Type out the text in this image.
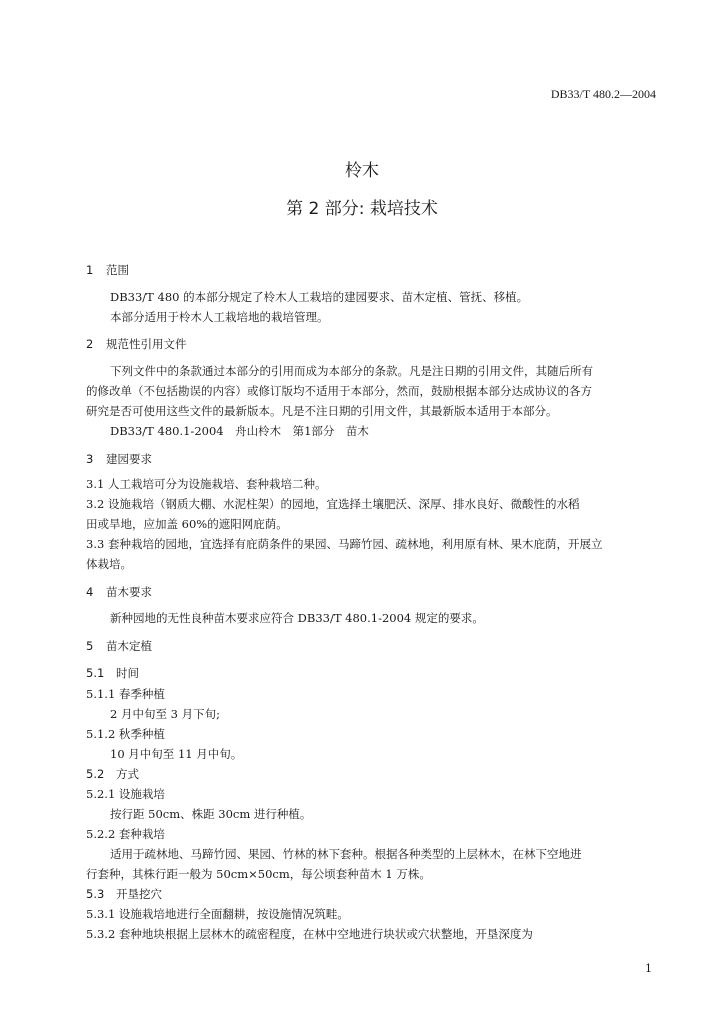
DB33/T 480.2—2004
柃木
第 2 部分: 栽培技术
1 范围
DB33/T 480 的本部分规定了柃木人工栽培的建园要求、苗木定植、管抚、移植。
本部分适用于柃木人工栽培地的栽培管理。
2 规范性引用文件
下列文件中的条款通过本部分的引用而成为本部分的条款。凡是注日期的引用文件，其随后所有
的修改单（不包括勘误的内容）或修订版均不适用于本部分，然而，鼓励根据本部分达成协议的各方
研究是否可使用这些文件的最新版本。凡是不注日期的引用文件，其最新版本适用于本部分。
DB33/T 480.1-2004　舟山柃木　第1部分　苗木
3 建园要求
3.1 人工栽培可分为设施栽培、套种栽培二种。
3.2 设施栽培（钢质大棚、水泥柱架）的园地，宜选择土壤肥沃、深厚、排水良好、微酸性的水稻
田或旱地，应加盖 60%的遮阳网庇荫。
3.3 套种栽培的园地，宜选择有庇荫条件的果园、马蹄竹园、疏林地，利用原有林、果木庇荫，开展立
体栽培。
4 苗木要求
新种园地的无性良种苗木要求应符合 DB33/T 480.1-2004 规定的要求。
5 苗木定植
5.1 时间
5.1.1 春季种植
2 月中旬至 3 月下旬;
5.1.2 秋季种植
10 月中旬至 11 月中旬。
5.2 方式
5.2.1 设施栽培
按行距 50cm、株距 30cm 进行种植。
5.2.2 套种栽培
适用于疏林地、马蹄竹园、果园、竹林的林下套种。根据各种类型的上层林木，在林下空地进
行套种，其株行距一般为 50cm×50cm，每公顷套种苗木 1 万株。
5.3 开垦挖穴
5.3.1 设施栽培地进行全面翻耕，按设施情况筑畦。
5.3.2 套种地块根据上层林木的疏密程度，在林中空地进行块状或穴状整地，开垦深度为
1
